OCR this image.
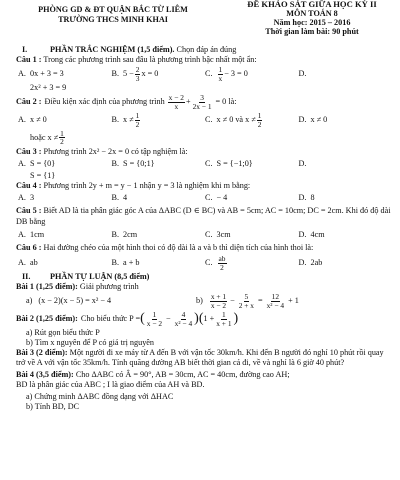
PHÒNG GD & ĐT QUẬN BẮC TỪ LIÊM
TRƯỜNG THCS MINH KHAI
ĐỀ KHẢO SÁT GIỮA HỌC KỲ II
MÔN TOÁN 8
Năm học: 2015 – 2016
Thời gian làm bài: 90 phút
I.	PHẦN TRẮC NGHIỆM (1,5 điểm). Chọn đáp án đúng
Câu 1 : Trong các phương trình sau đâu là phương trình bậc nhất một ẩn:
A. 0x + 3 = 3	B. $5 - \frac{2}{3}$ x = 0	C. $\frac{1}{x} - 3 = 0$	D.
2x² + 3 = 9
Câu 2 : Điều kiện xác định của phương trình $\frac{x - 2}{x} + \frac{3}{2x - 1} = 0$ là:
A. x ≠ 0	B. $x \ne \frac{1}{2}$	C. x ≠ 0 và $x \ne \frac{1}{2}$	D. x ≠ 0
hoặc $x \ne \frac{1}{2}$
Câu 3 : Phương trình 2x² − 2x = 0 có tập nghiệm là:
A. S = {0}	B. S = {0;1}	C. S = {−1;0}	D.
S = {1}
Câu 4 : Phương trình 2y + m = y − 1 nhận y = 3 là nghiệm khi m bằng:
A. 3	B. 4	C. − 4	D. 8
Câu 5 : Biết AD là tia phân giác góc A của ΔABC (D ∈ BC) và AB = 5cm; AC = 10cm; DC = 2cm. Khi đó độ dài DB bằng
A. 1cm	B. 2cm	C. 3cm	D. 4cm
Câu 6 : Hai đường chéo của một hình thoi có độ dài là a và b thì diện tích của hình thoi là:
A. ab	B. a + b	C. $\frac{ab}{2}$	D. 2ab
II. PHẦN TỰ LUẬN (8,5 điểm)
Bài 1 (1,25 điểm): Giải phương trình
a) (x − 2)(x − 5) = x² − 4	$b) \frac{x + 1}{x - 2} - \frac{5}{2 + x} = \frac{12}{\text{x² − 4}} + 1$
Bài 2 (1,25 điểm): Cho biểu thức P = ( $\frac{1}{x - 2} - \frac{4}{\text{x² − 4}}$ ) ( $1 + \frac{1}{x + 1}$ )
a) Rút gọn biểu thức P
b) Tìm x nguyên để P có giá trị nguyên
Bài 3 (2 điểm): Một người đi xe máy từ A đến B với vận tốc 30km/h. Khi đến B người đó nghỉ 10 phút rồi quay trở về A với vận tốc 35km/h. Tính quãng đường AB biết thời gian cả đi, về và nghỉ là 6 giờ 40 phút?
Bài 4 (3,5 điểm): Cho ΔABC có Â = 90°, AB = 30cm, AC = 40cm, đường cao AH;
BD là phân giác của ABC ; I là giao điểm của AH và BD.
a) Chứng minh ΔABC đồng dạng với ΔHAC
b) Tính BD, DC
